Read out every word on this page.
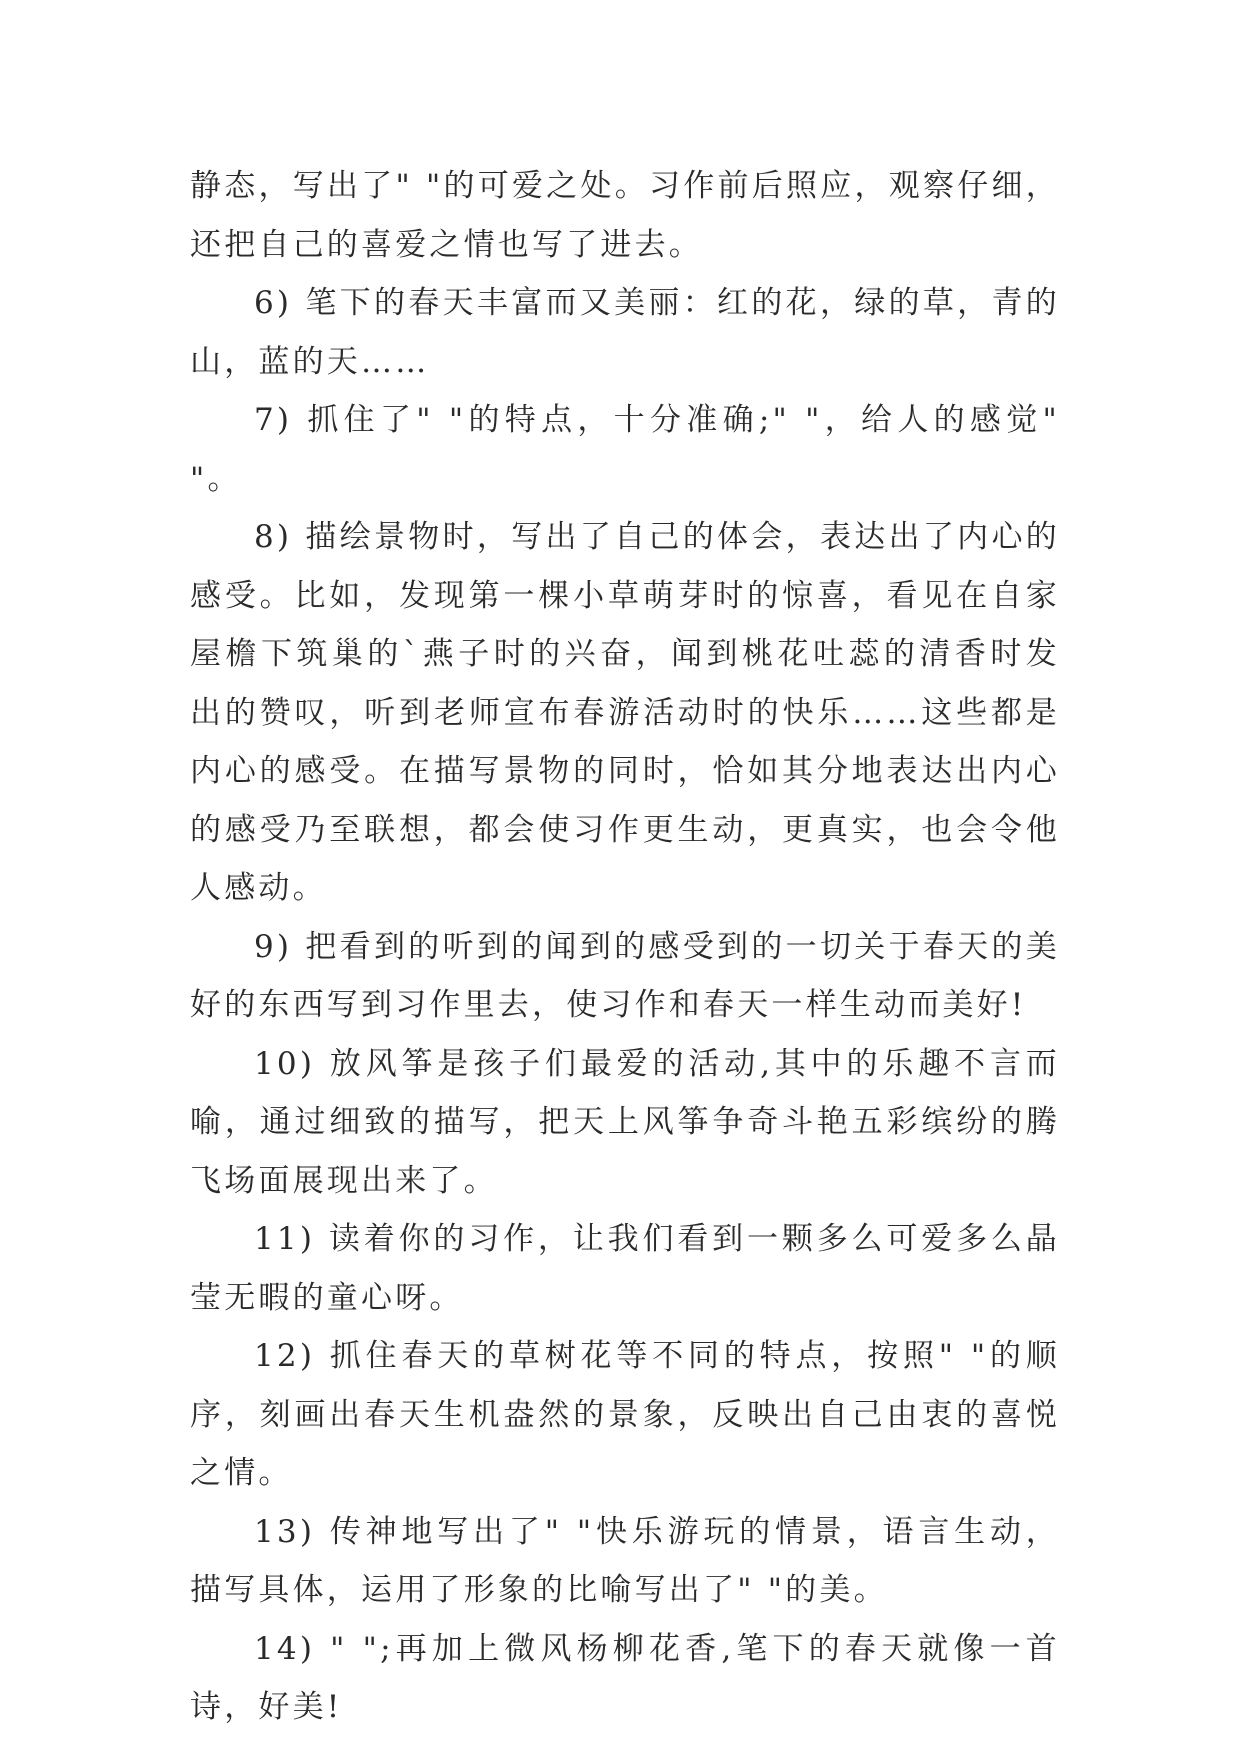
静态，写出了" "的可爱之处。习作前后照应，观察仔细，还把自己的喜爱之情也写了进去。

6) 笔下的春天丰富而又美丽：红的花，绿的草，青的山，蓝的天……

7) 抓住了" "的特点，十分准确;" "，给人的感觉" "。

8) 描绘景物时，写出了自己的体会，表达出了内心的感受。比如，发现第一棵小草萌芽时的惊喜，看见在自家屋檐下筑巢的`燕子时的兴奋，闻到桃花吐蕊的清香时发出的赞叹，听到老师宣布春游活动时的快乐……这些都是内心的感受。在描写景物的同时，恰如其分地表达出内心的感受乃至联想，都会使习作更生动，更真实，也会令他人感动。

9) 把看到的听到的闻到的感受到的一切关于春天的美好的东西写到习作里去，使习作和春天一样生动而美好!

10) 放风筝是孩子们最爱的活动,其中的乐趣不言而喻，通过细致的描写，把天上风筝争奇斗艳五彩缤纷的腾飞场面展现出来了。

11) 读着你的习作，让我们看到一颗多么可爱多么晶莹无暇的童心呀。

12) 抓住春天的草树花等不同的特点，按照" "的顺序，刻画出春天生机盎然的景象，反映出自己由衷的喜悦之情。

13) 传神地写出了" "快乐游玩的情景，语言生动，描写具体，运用了形象的比喻写出了" "的美。

14) " ";再加上微风杨柳花香,笔下的春天就像一首诗，好美!
